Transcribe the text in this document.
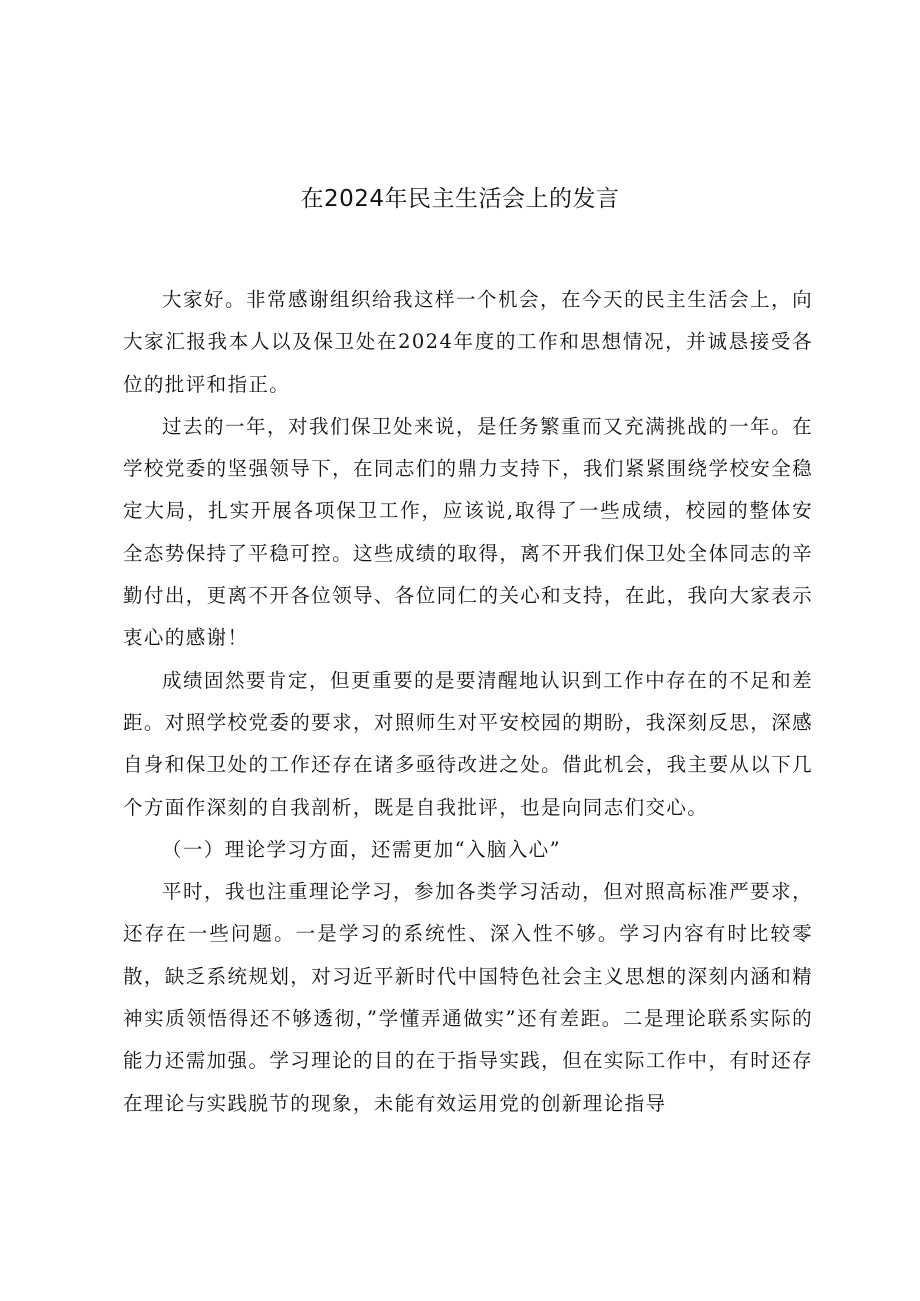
在2024年民主生活会上的发言

大家好。非常感谢组织给我这样一个机会，在今天的民主生活会上，向大家汇报我本人以及保卫处在2024年度的工作和思想情况，并诚恳接受各位的批评和指正。

过去的一年，对我们保卫处来说，是任务繁重而又充满挑战的一年。在学校党委的坚强领导下，在同志们的鼎力支持下，我们紧紧围绕学校安全稳定大局，扎实开展各项保卫工作，应该说,取得了一些成绩，校园的整体安全态势保持了平稳可控。这些成绩的取得，离不开我们保卫处全体同志的辛勤付出，更离不开各位领导、各位同仁的关心和支持，在此，我向大家表示衷心的感谢！

成绩固然要肯定，但更重要的是要清醒地认识到工作中存在的不足和差距。对照学校党委的要求，对照师生对平安校园的期盼，我深刻反思，深感自身和保卫处的工作还存在诸多亟待改进之处。借此机会，我主要从以下几个方面作深刻的自我剖析，既是自我批评，也是向同志们交心。

（一）理论学习方面，还需更加“入脑入心”

平时，我也注重理论学习，参加各类学习活动，但对照高标准严要求，还存在一些问题。一是学习的系统性、深入性不够。学习内容有时比较零散，缺乏系统规划，对习近平新时代中国特色社会主义思想的深刻内涵和精神实质领悟得还不够透彻，”学懂弄通做实”还有差距。二是理论联系实际的能力还需加强。学习理论的目的在于指导实践，但在实际工作中，有时还存在理论与实践脱节的现象，未能有效运用党的创新理论指导
